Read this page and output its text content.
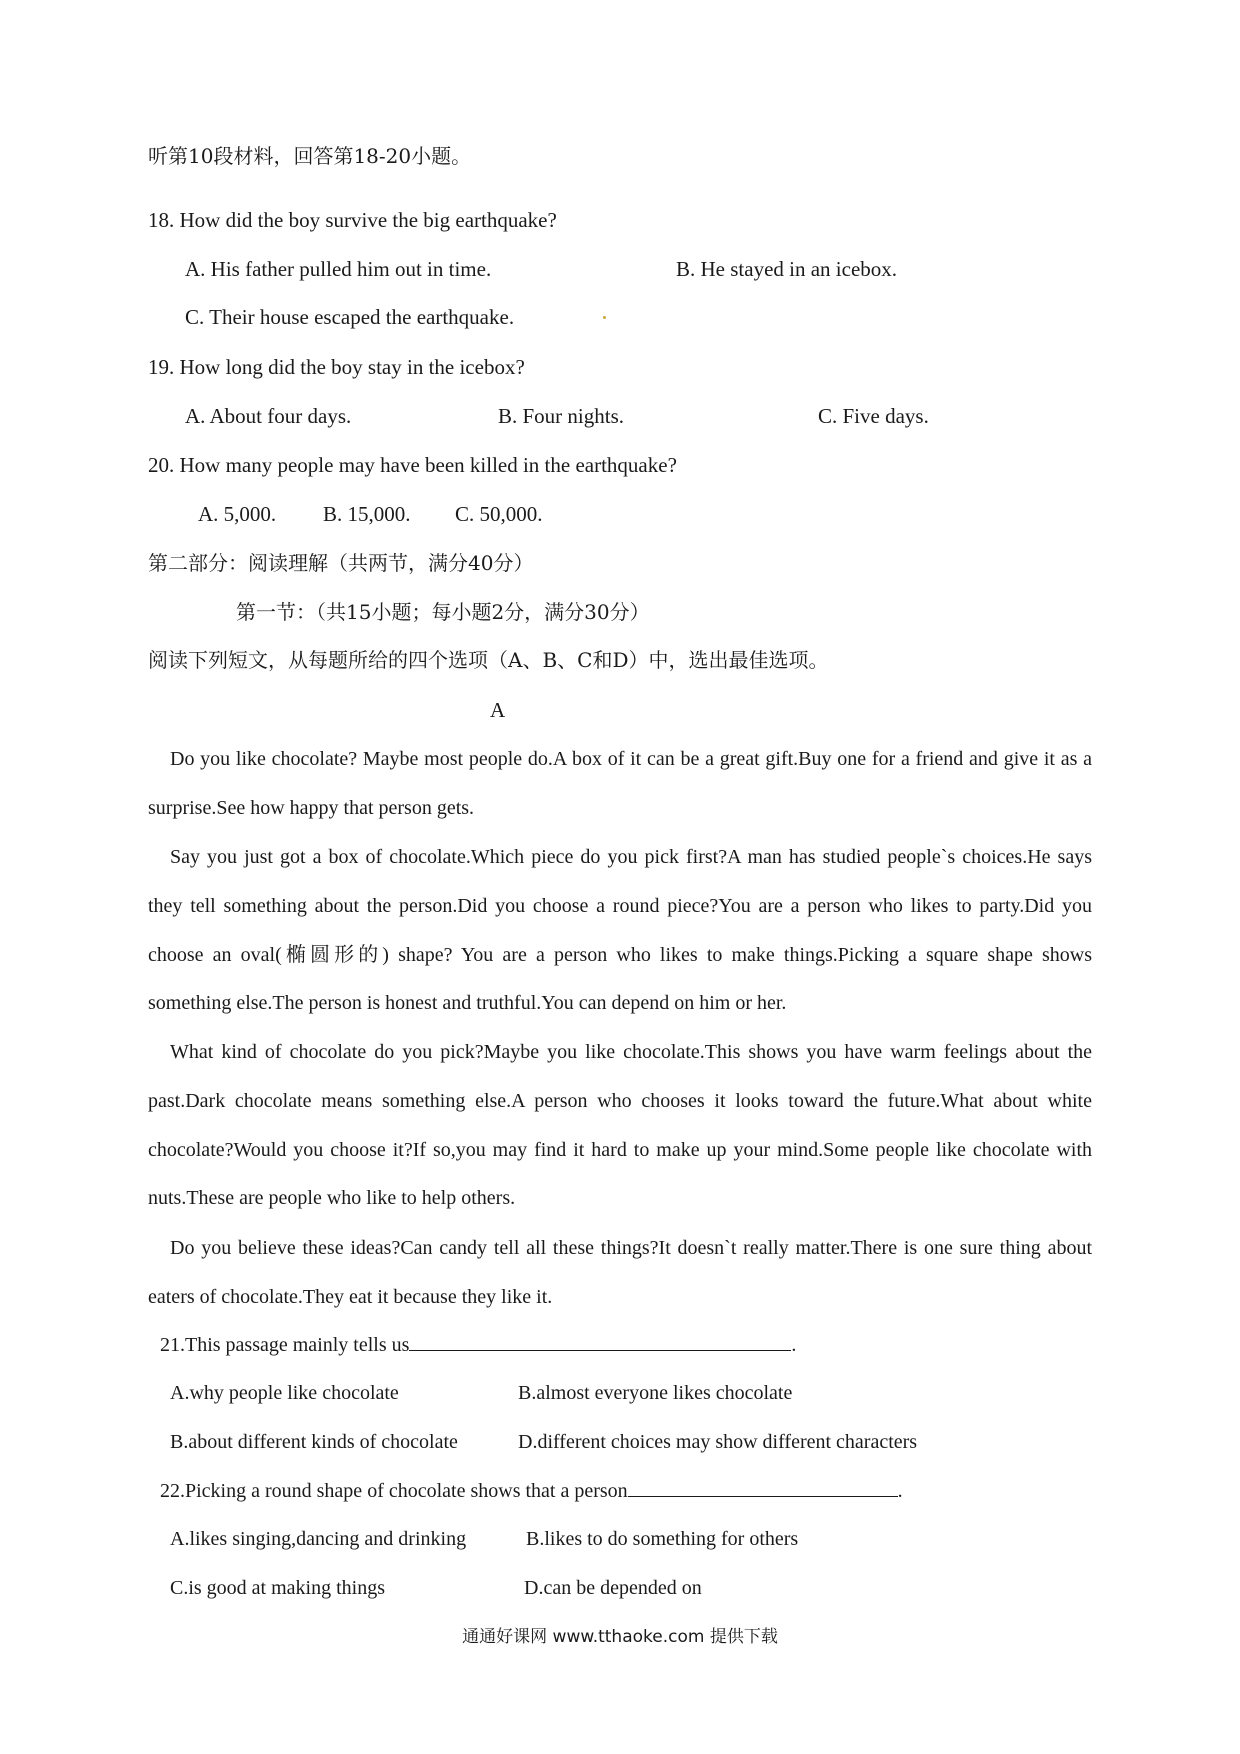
听第10段材料，回答第18-20小题。
18. How did the boy survive the big earthquake?
A. His father pulled him out in time.	B. He stayed in an icebox.
C. Their house escaped the earthquake.
19. How long did the boy stay in the icebox?
A. About four days.	B. Four nights.	C. Five days.
20. How many people may have been killed in the earthquake?
A. 5,000. B. 15,000. C. 50,000.
第二部分：阅读理解（共两节，满分40分）
第一节：（共15小题；每小题2分，满分30分）
阅读下列短文，从每题所给的四个选项（A、B、C和D）中，选出最佳选项。
A
Do you like chocolate? Maybe most people do.A box of it can be a great gift.Buy one for a friend and give it as a surprise.See how happy that person gets.
Say you just got a box of chocolate.Which piece do you pick first?A man has studied people`s choices.He says they tell something about the person.Did you choose a round piece?You are a person who likes to party.Did you choose an oval(椭圆形的) shape? You are a person who likes to make things.Picking a square shape shows something else.The person is honest and truthful.You can depend on him or her.
What kind of chocolate do you pick?Maybe you like chocolate.This shows you have warm feelings about the past.Dark chocolate means something else.A person who chooses it looks toward the future.What about white chocolate?Would you choose it?If so,you may find it hard to make up your mind.Some people like chocolate with nuts.These are people who like to help others.
Do you believe these ideas?Can candy tell all these things?It doesn`t really matter.There is one sure thing about eaters of chocolate.They eat it because they like it.
21.This passage mainly tells us	.
A.why people like chocolate	B.almost everyone likes chocolate
B.about different kinds of chocolate	D.different choices may show different characters
22.Picking a round shape of chocolate shows that a person	.
A.likes singing,dancing and drinking	B.likes to do something for others
C.is good at making things	D.can be depended on
通通好课网 www.tthaoke.com 提供下载
